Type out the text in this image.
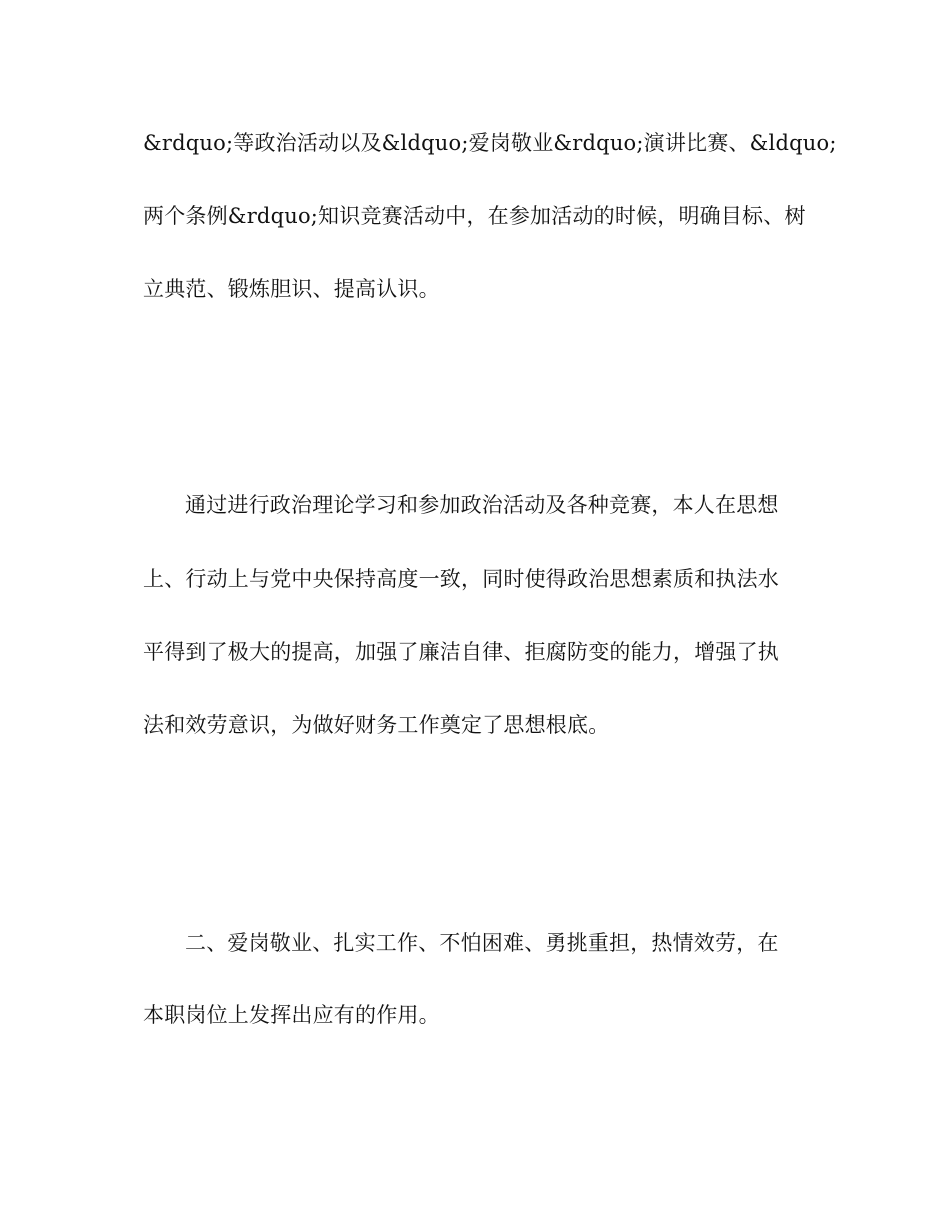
&rdquo;等政治活动以及&ldquo;爱岗敬业&rdquo;演讲比赛、&ldquo;
两个条例&rdquo;知识竞赛活动中，在参加活动的时候，明确目标、树
立典范、锻炼胆识、提高认识。
通过进行政治理论学习和参加政治活动及各种竞赛，本人在思想
上、行动上与党中央保持高度一致，同时使得政治思想素质和执法水
平得到了极大的提高，加强了廉洁自律、拒腐防变的能力，增强了执
法和效劳意识，为做好财务工作奠定了思想根底。
二、爱岗敬业、扎实工作、不怕困难、勇挑重担，热情效劳，在
本职岗位上发挥出应有的作用。
